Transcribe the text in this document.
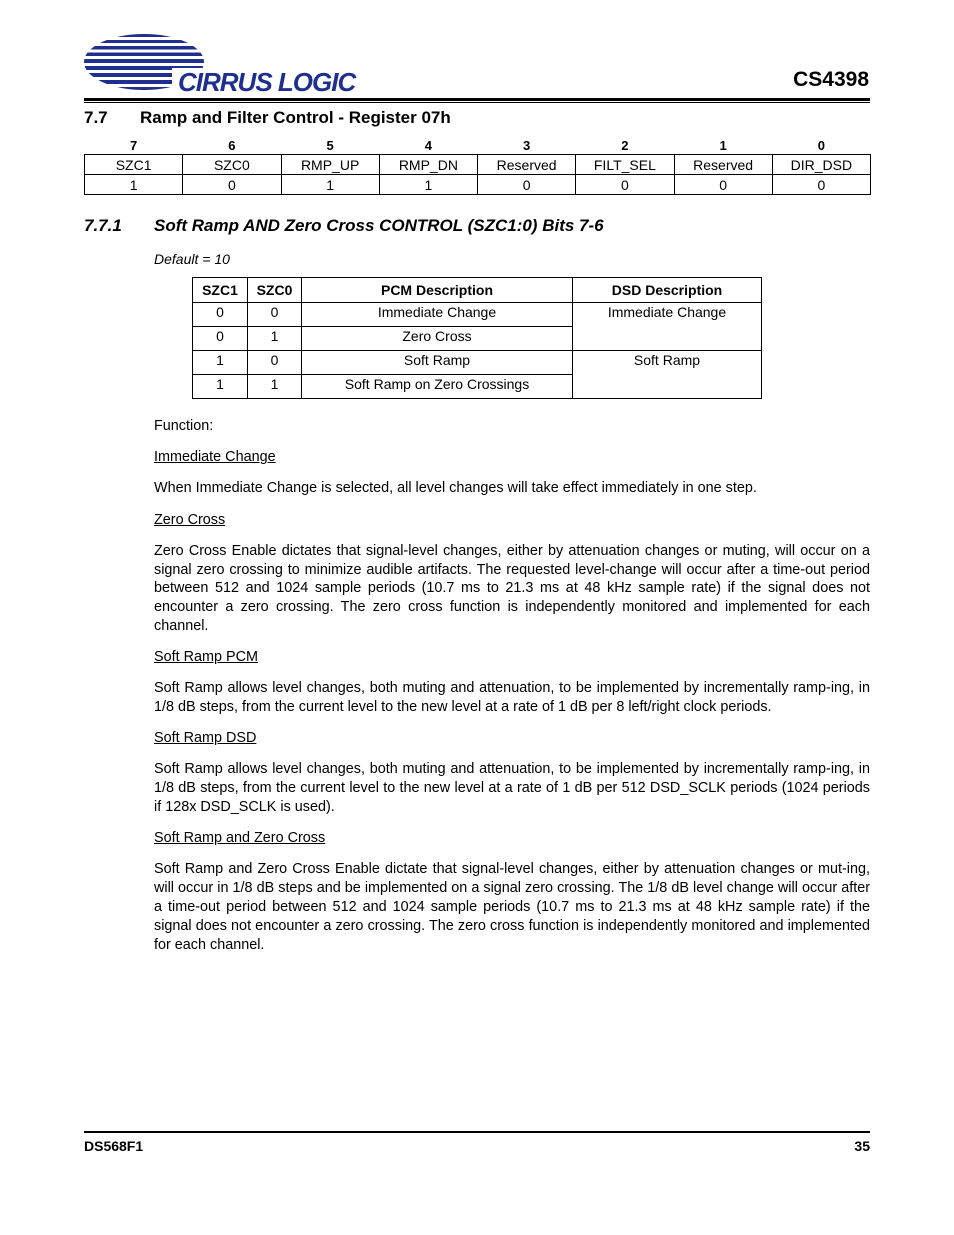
CIRRUS LOGIC	CS4398
7.7 Ramp and Filter Control - Register 07h
7	6	5	4	3	2	1	0
SZC1	SZC0	RMP_UP	RMP_DN	Reserved	FILT_SEL	Reserved	DIR_DSD
1	0	1	1	0	0	0	0
7.7.1 Soft Ramp AND Zero Cross CONTROL (SZC1:0) Bits 7-6
Default = 10
SZC1	SZC0	PCM Description	DSD Description
0	0	Immediate Change	Immediate Change
0	1	Zero Cross	
1	0	Soft Ramp	Soft Ramp
1	1	Soft Ramp on Zero Crossings	

Function:

Immediate Change

When Immediate Change is selected, all level changes will take effect immediately in one step.

Zero Cross

Zero Cross Enable dictates that signal-level changes, either by attenuation changes or muting, will occur on a signal zero crossing to minimize audible artifacts. The requested level-change will occur after a time-out period between 512 and 1024 sample periods (10.7 ms to 21.3 ms at 48 kHz sample rate) if the signal does not encounter a zero crossing. The zero cross function is independently monitored and implemented for each channel.

Soft Ramp PCM

Soft Ramp allows level changes, both muting and attenuation, to be implemented by incrementally ramp-ing, in 1/8 dB steps, from the current level to the new level at a rate of 1 dB per 8 left/right clock periods.

Soft Ramp DSD

Soft Ramp allows level changes, both muting and attenuation, to be implemented by incrementally ramp-ing, in 1/8 dB steps, from the current level to the new level at a rate of 1 dB per 512 DSD_SCLK periods (1024 periods if 128x DSD_SCLK is used).

Soft Ramp and Zero Cross

Soft Ramp and Zero Cross Enable dictate that signal-level changes, either by attenuation changes or mut-ing, will occur in 1/8 dB steps and be implemented on a signal zero crossing. The 1/8 dB level change will occur after a time-out period between 512 and 1024 sample periods (10.7 ms to 21.3 ms at 48 kHz sample rate) if the signal does not encounter a zero crossing. The zero cross function is independently monitored and implemented for each channel.

DS568F1	35
